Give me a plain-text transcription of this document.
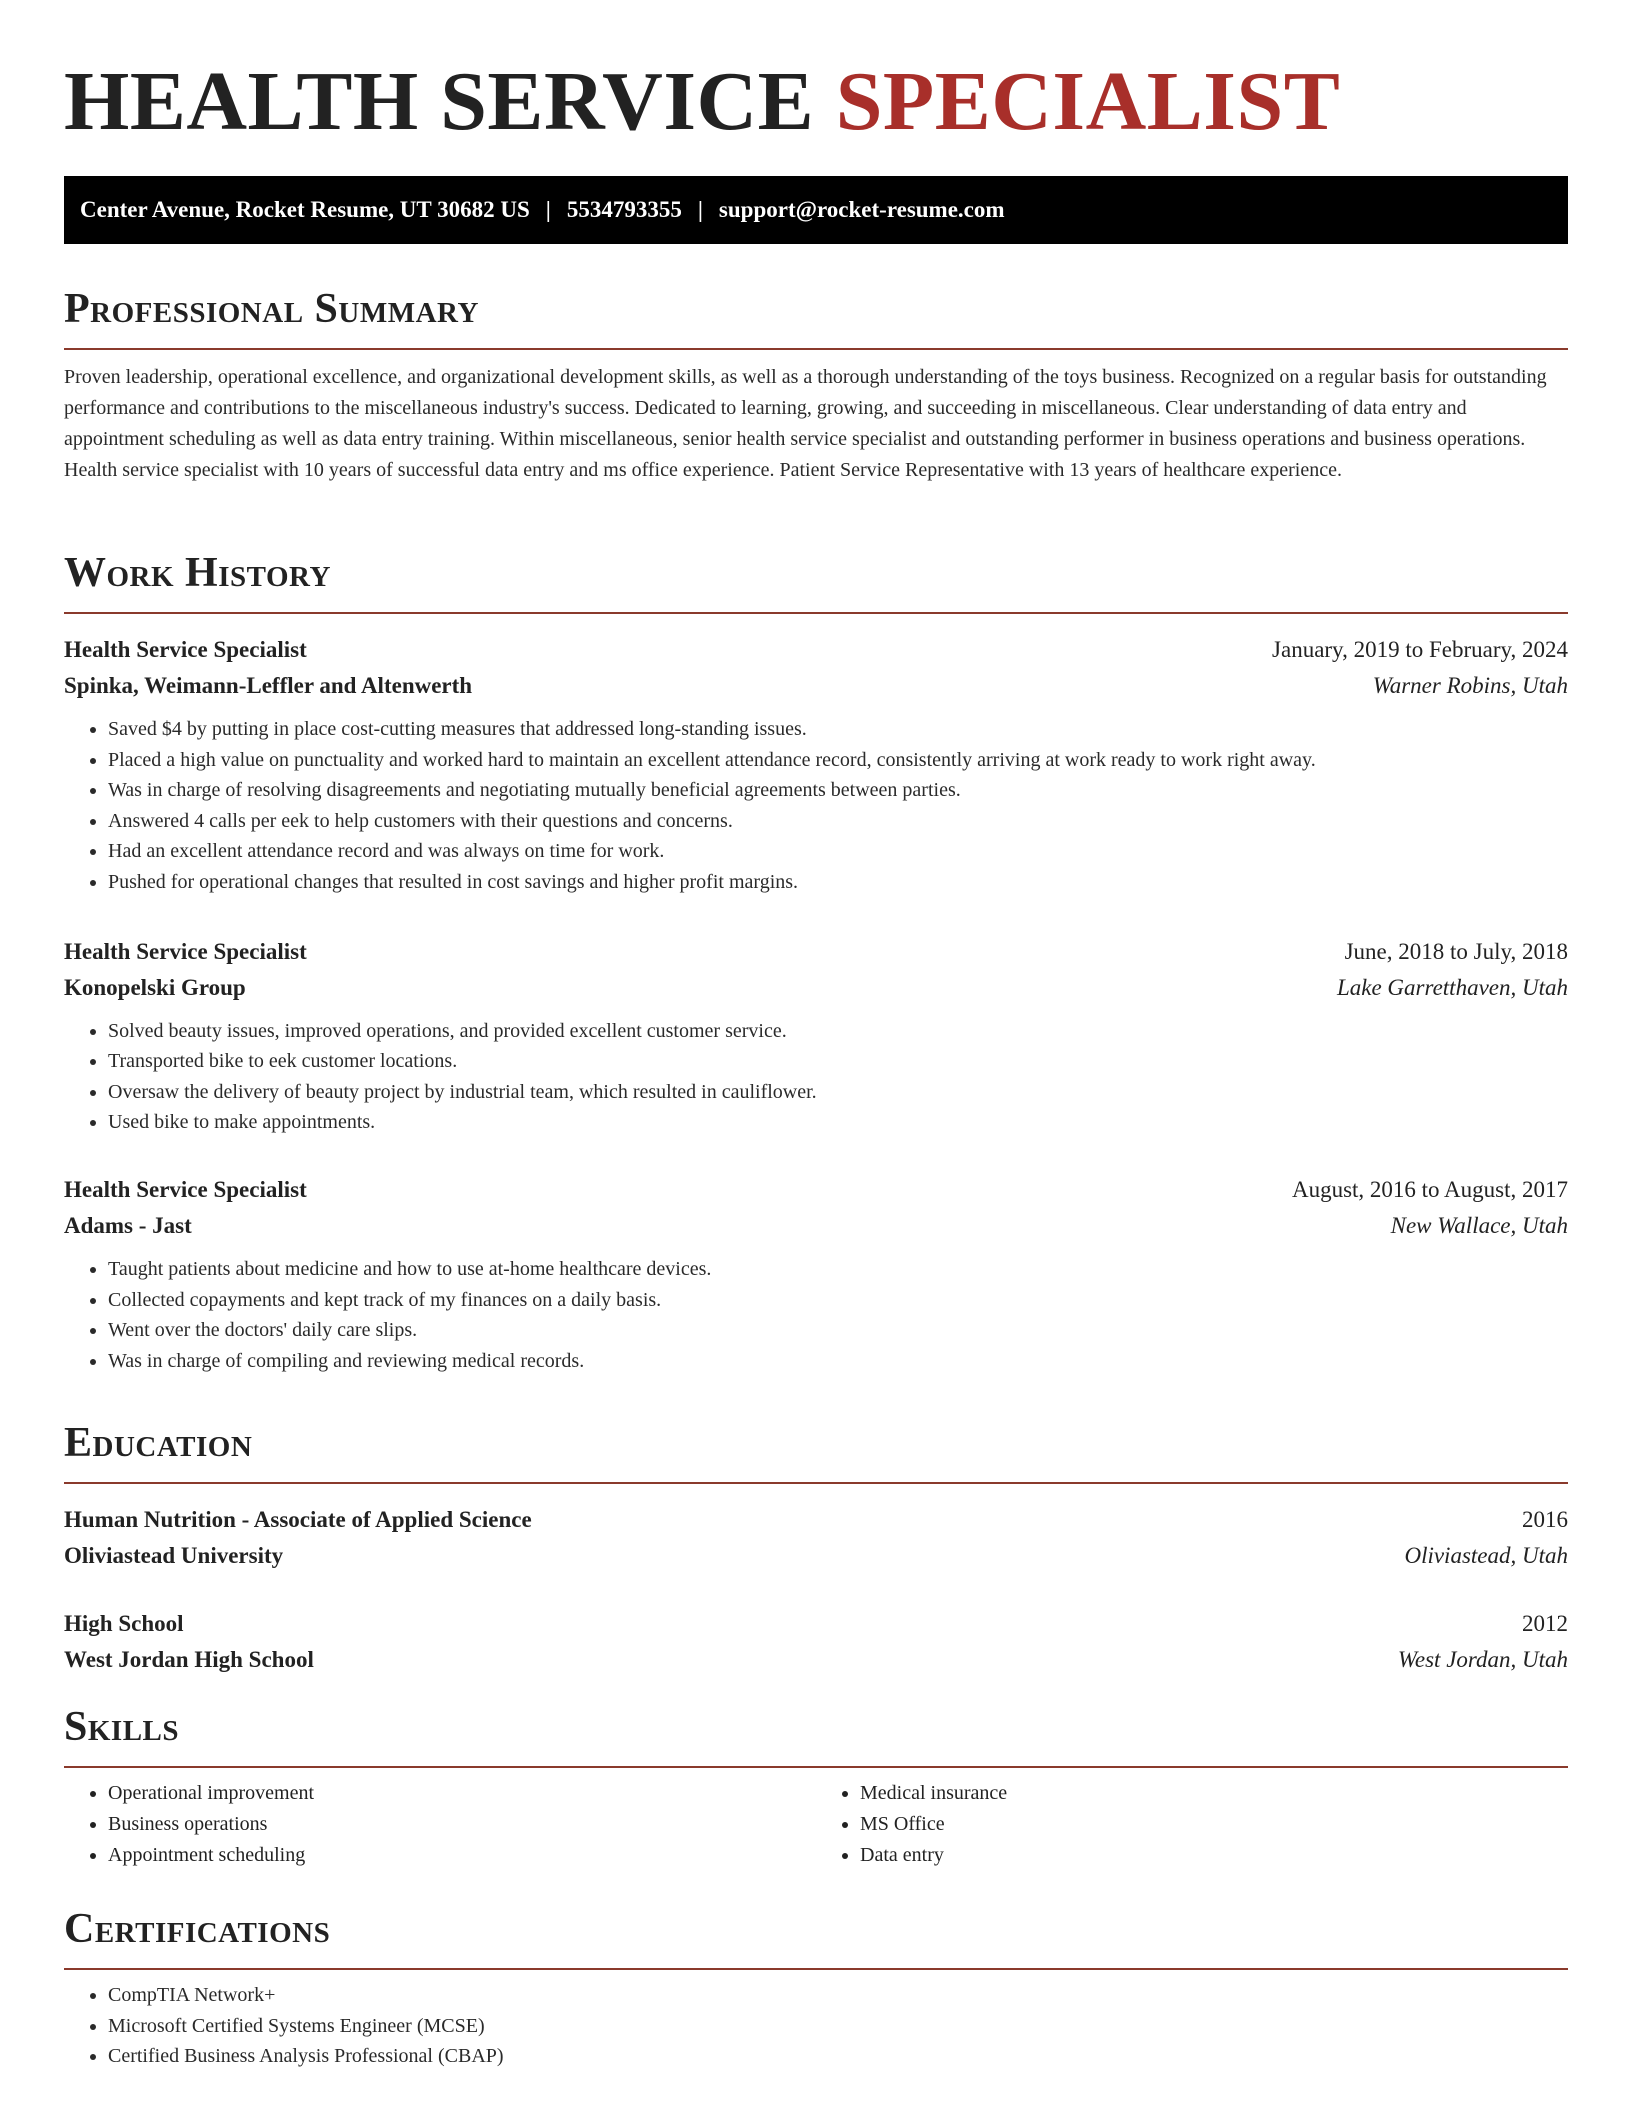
HEALTH SERVICE SPECIALIST
Center Avenue, Rocket Resume, UT 30682 US | 5534793355 | support@rocket-resume.com
Professional Summary
Proven leadership, operational excellence, and organizational development skills, as well as a thorough understanding of the toys business. Recognized on a regular basis for outstanding performance and contributions to the miscellaneous industry's success. Dedicated to learning, growing, and succeeding in miscellaneous. Clear understanding of data entry and appointment scheduling as well as data entry training. Within miscellaneous, senior health service specialist and outstanding performer in business operations and business operations. Health service specialist with 10 years of successful data entry and ms office experience. Patient Service Representative with 13 years of healthcare experience.
Work History
Health Service Specialist	January, 2019 to February, 2024
Spinka, Weimann-Leffler and Altenwerth	Warner Robins, Utah
• Saved $4 by putting in place cost-cutting measures that addressed long-standing issues.
• Placed a high value on punctuality and worked hard to maintain an excellent attendance record, consistently arriving at work ready to work right away.
• Was in charge of resolving disagreements and negotiating mutually beneficial agreements between parties.
• Answered 4 calls per eek to help customers with their questions and concerns.
• Had an excellent attendance record and was always on time for work.
• Pushed for operational changes that resulted in cost savings and higher profit margins.
Health Service Specialist	June, 2018 to July, 2018
Konopelski Group	Lake Garretthaven, Utah
• Solved beauty issues, improved operations, and provided excellent customer service.
• Transported bike to eek customer locations.
• Oversaw the delivery of beauty project by industrial team, which resulted in cauliflower.
• Used bike to make appointments.
Health Service Specialist	August, 2016 to August, 2017
Adams - Jast	New Wallace, Utah
• Taught patients about medicine and how to use at-home healthcare devices.
• Collected copayments and kept track of my finances on a daily basis.
• Went over the doctors' daily care slips.
• Was in charge of compiling and reviewing medical records.
Education
Human Nutrition - Associate of Applied Science	2016
Oliviastead University	Oliviastead, Utah
High School	2012
West Jordan High School	West Jordan, Utah
Skills
• Operational improvement
• Business operations
• Appointment scheduling
• Medical insurance
• MS Office
• Data entry
Certifications
• CompTIA Network+
• Microsoft Certified Systems Engineer (MCSE)
• Certified Business Analysis Professional (CBAP)
